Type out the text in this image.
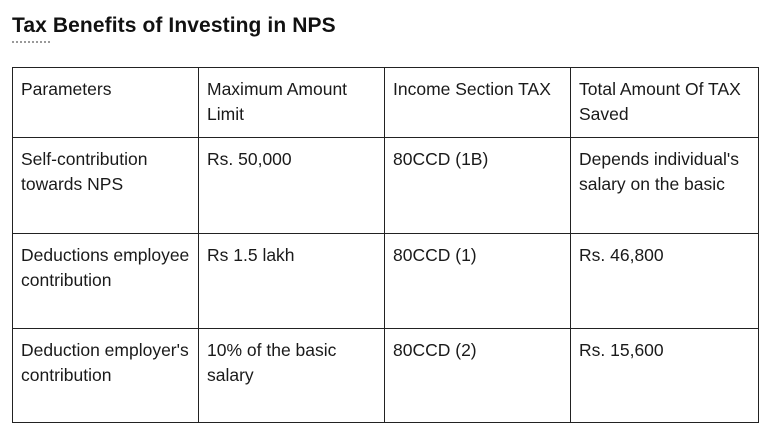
Tax Benefits of Investing in NPS
Parameters	Maximum Amount Limit	Income Section TAX	Total Amount Of TAX Saved
Self-contribution towards NPS	Rs. 50,000	80CCD (1B)	Depends individual's salary on the basic
Deductions employee contribution	Rs 1.5 lakh	80CCD (1)	Rs. 46,800
Deduction employer's contribution	10% of the basic salary	80CCD (2)	Rs. 15,600
